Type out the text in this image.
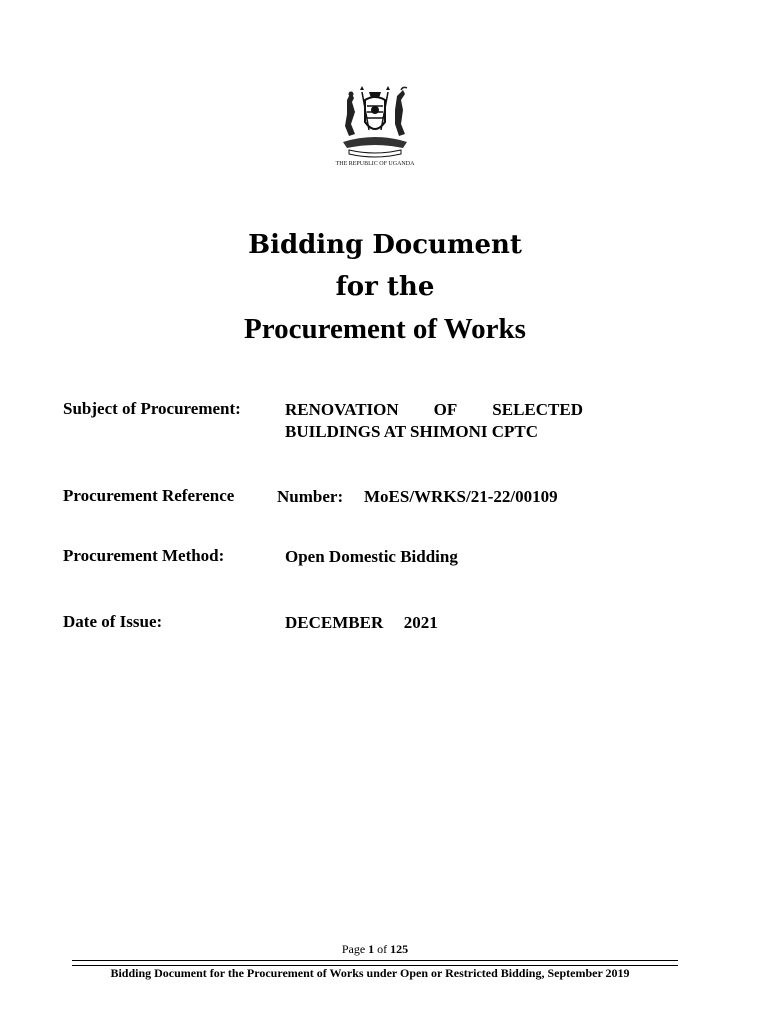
THE REPUBLIC OF UGANDA
Bidding Document
for the
Procurement of Works
Subject of Procurement:	RENOVATION OF SELECTED
BUILDINGS AT SHIMONI CPTC
Procurement Reference	Number: MoES/WRKS/21-22/00109
Procurement Method:	Open Domestic Bidding
Date of Issue:	DECEMBER  2021
Page 1 of 125
Bidding Document for the Procurement of Works under Open or Restricted Bidding, September 2019
